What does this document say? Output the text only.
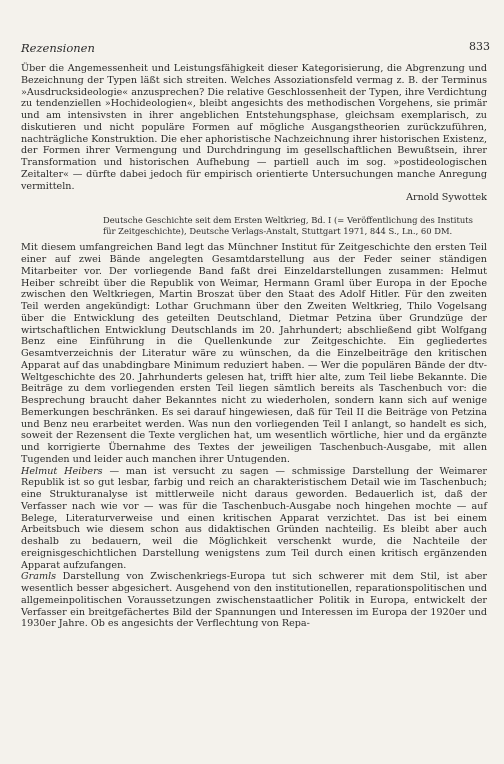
Rezensionen	833

Über die Angemessenheit und Leistungsfähigkeit dieser Kategorisierung, die Abgrenzung und Bezeichnung der Typen läßt sich streiten. Welches Assoziationsfeld vermag z. B. der Terminus »Ausdrucksideologie« anzusprechen? Die relative Geschlossenheit der Typen, ihre Verdichtung zu tendenziellen »Hochideologien«, bleibt angesichts des methodischen Vorgehens, sie primär und am intensivsten in ihrer angeblichen Entstehungsphase, gleichsam exemplarisch, zu diskutieren und nicht populäre Formen auf mögliche Ausgangstheorien zurückzuführen, nachträgliche Konstruktion. Die eher aphoristische Nachzeichnung ihrer historischen Existenz, der Formen ihrer Vermengung und Durchdringung im gesellschaftlichen Bewußtsein, ihrer Transformation und historischen Aufhebung — partiell auch im sog. »postideologischen Zeitalter« — dürfte dabei jedoch für empirisch orientierte Untersuchungen manche Anregung vermitteln.

Arnold Sywottek
Deutsche Geschichte seit dem Ersten Weltkrieg, Bd. I (= Veröffentlichung des Instituts für Zeitgeschichte), Deutsche Verlags-Anstalt, Stuttgart 1971, 844 S., Ln., 60 DM.

Mit diesem umfangreichen Band legt das Münchner Institut für Zeitgeschichte den ersten Teil einer auf zwei Bände angelegten Gesamtdarstellung aus der Feder seiner ständigen Mitarbeiter vor. Der vorliegende Band faßt drei Einzeldarstellungen zusammen: Helmut Heiber schreibt über die Republik von Weimar, Hermann Graml über Europa in der Epoche zwischen den Weltkriegen, Martin Broszat über den Staat des Adolf Hitler. Für den zweiten Teil werden angekündigt: Lothar Gruchmann über den Zweiten Weltkrieg, Thilo Vogelsang über die Entwicklung des geteilten Deutschland, Dietmar Petzina über Grundzüge der wirtschaftlichen Entwicklung Deutschlands im 20. Jahrhundert; abschließend gibt Wolfgang Benz eine Einführung in die Quellenkunde zur Zeitgeschichte. Ein gegliedertes Gesamtverzeichnis der Literatur wäre zu wünschen, da die Einzelbeiträge den kritischen Apparat auf das unabdingbare Minimum reduziert haben. — Wer die populären Bände der dtv-Weltgeschichte des 20. Jahrhunderts gelesen hat, trifft hier alte, zum Teil liebe Bekannte. Die Beiträge zu dem vorliegenden ersten Teil liegen sämtlich bereits als Taschenbuch vor: die Besprechung braucht daher Bekanntes nicht zu wiederholen, sondern kann sich auf wenige Bemerkungen beschränken. Es sei darauf hingewiesen, daß für Teil II die Beiträge von Petzina und Benz neu erarbeitet werden. Was nun den vorliegenden Teil I anlangt, so handelt es sich, soweit der Rezensent die Texte verglichen hat, um wesentlich wörtliche, hier und da ergänzte und korrigierte Übernahme des Textes der jeweiligen Taschenbuch-Ausgabe, mit allen Tugenden und leider auch manchen ihrer Untugenden.

Helmut Heibers — man ist versucht zu sagen — schmissige Darstellung der Weimarer Republik ist so gut lesbar, farbig und reich an charakteristischem Detail wie im Taschenbuch; eine Strukturanalyse ist mittlerweile nicht daraus geworden. Bedauerlich ist, daß der Verfasser nach wie vor — was für die Taschenbuch-Ausgabe noch hingehen mochte — auf Belege, Literaturverweise und einen kritischen Apparat verzichtet. Das ist bei einem Arbeitsbuch wie diesem schon aus didaktischen Gründen nachteilig. Es bleibt aber auch deshalb zu bedauern, weil die Möglichkeit verschenkt wurde, die Nachteile der ereignisgeschichtlichen Darstellung wenigstens zum Teil durch einen kritisch ergänzenden Apparat aufzufangen.

Gramls Darstellung von Zwischenkriegs-Europa tut sich schwerer mit dem Stil, ist aber wesentlich besser abgesichert. Ausgehend von den institutionellen, reparationspolitischen und allgemeinpolitischen Voraussetzungen zwischenstaatlicher Politik in Europa, entwickelt der Verfasser ein breitgefächertes Bild der Spannungen und Interessen im Europa der 1920er und 1930er Jahre. Ob es angesichts der Verflechtung von Repa-
